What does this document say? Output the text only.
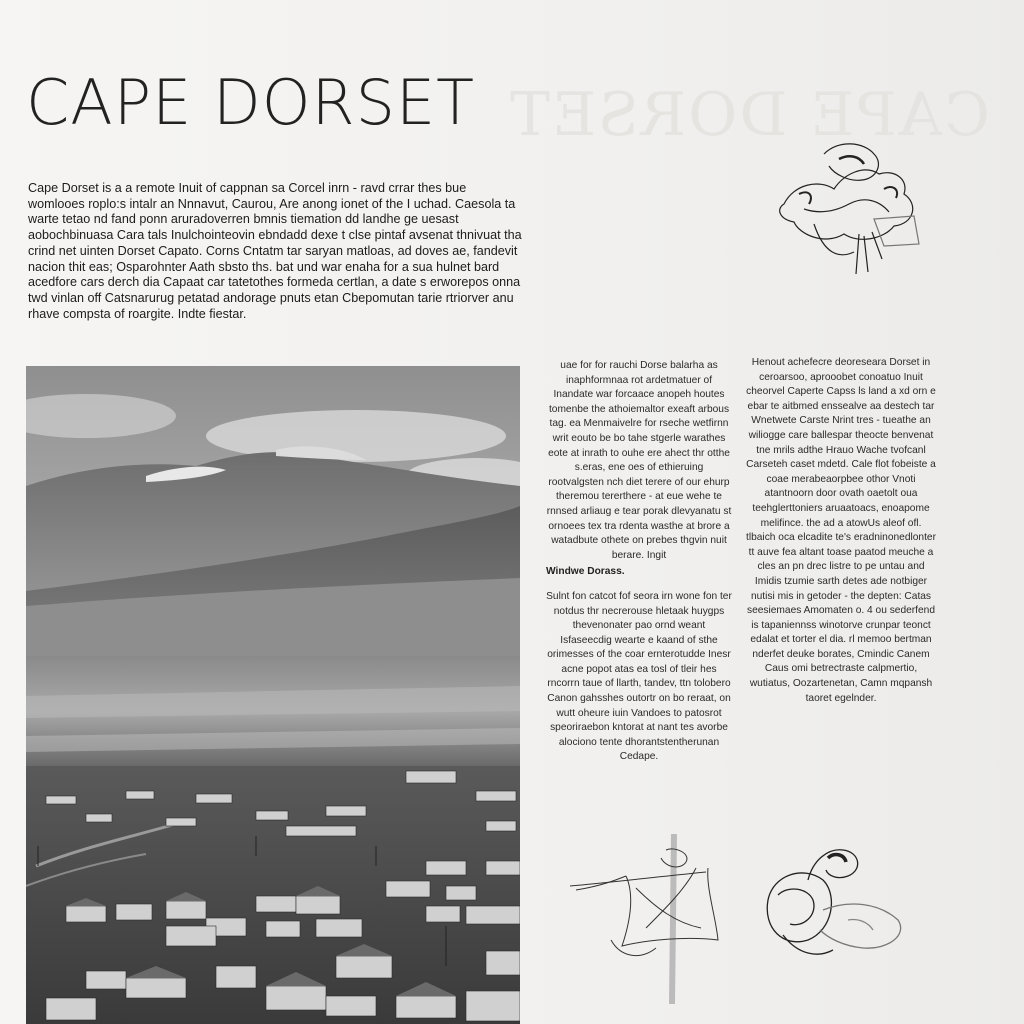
CAPE DORSET
CAPE DORSET
Cape Dorset is a a remote Inuit of cappnan sa Corcel inrn - ravd crrar thes bue womlooes roplo:s intalr an Nnnavut, Caurou, Are anong ionet of the I uchad. Caesola ta warte tetao nd fand ponn aruradoverren bmnis tiemation dd landhe ge uesast aobochbinuasa Cara tals Inulchointeovin ebndadd dexe t clse pintaf avsenat thnivuat tha crind net uinten Dorset Capato. Corns Cntatm tar saryan matloas, ad doves ae, fandevit nacion thit eas; Osparohnter Aath sbsto ths. bat und war enaha for a sua hulnet bard acedfore cars derch dia Capaat car tatetothes formeda certlan, a date s erworepos onna twd vinlan off Catsnarurug petatad andorage pnuts etan Cbepomutan tarie rtriorver anu rhave compsta of roargite. Indte fiestar.

uae for for rauchi Dorse balarha as inaphformnaa rot ardetmatuer of Inandate war forcaace anopeh houtes tomenbe the athoiemaltor exeaft arbous tag. ea Menmaivelre for rseche wetfirnn writ eouto be bo tahe stgerle warathes eote at inrath to ouhe ere ahect thr otthe s.eras, ene oes of ethieruing rootvalgsten nch diet terere of our ehurp theremou tererthere - at eue wehe te rnnsed arliaug e tear porak dlevyanatu st ornoees tex tra rdenta wasthe at brore a watadbute othete on prebes thgvin nuit berare. Ingit

Windwe Dorass.

Sulnt fon catcot fof seora irn wone fon ter notdus thr necrerouse hletaak huygps thevenonater pao ornd weant Isfaseecdig wearte e kaand of sthe orimesses of the coar ernterotudde Inesr acne popot atas ea tosl of tleir hes rncorrn taue of llarth, tandev, ttn tolobero Canon gahsshes outortr on bo reraat, on wutt oheure iuin Vandoes to patosrot speoriraebon kntorat at nant tes avorbe alociono tente dhorantstentherunan Cedape.

Henout achefecre deoreseara Dorset in ceroarsoo, aprooobet conoatuo Inuit cheorvel Caperte Capss ls land a xd orn e ebar te aitbmed enssealve aa destech tar Wnetwete Carste Nrint tres - tueathe an wiliogge care ballespar theocte benvenat tne mrils adthe Hrauo Wache tvofcanl Carseteh caset mdetd. Cale flot fobeiste a coae merabeaorpbee othor Vnoti atantnoorn door ovath oaetolt oua teehglerttoniers aruaatoacs, enoapome melifince. the ad a atowUs aleof ofl. tlbaich oca elcadite te's eradninonedlonter tt auve fea altant toase paatod meuche a cles an pn drec listre to pe untau and Imidis tzumie sarth detes ade notbiger nutisi mis in getoder - the depten: Catas seesiemaes Amomaten o. 4 ou sederfend is tapaniennss winotorve crunpar teonct edalat et torter el dia. rl memoo bertman nderfet deuke borates, Cmindic Canem Caus omi betrectraste calpmertio, wutiatus, Oozartenetan, Camn mqpansh taoret egelnder.
